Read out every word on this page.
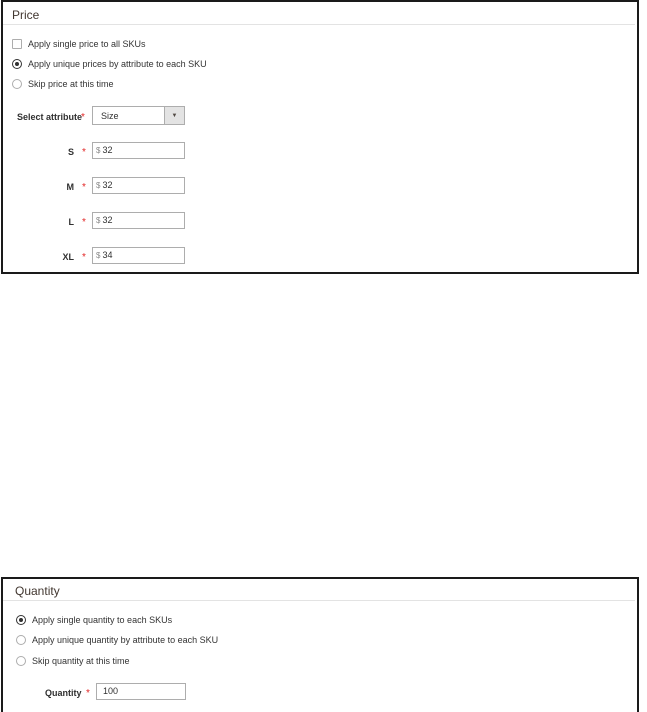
Price
Apply single price to all SKUs
Apply unique prices by attribute to each SKU
Skip price at this time
Select attribute
* Size	▼
S * $ 32
M * $ 32
L * $ 32
XL * $ 34
Quantity
Apply single quantity to each SKUs
Apply unique quantity by attribute to each SKU
Skip quantity at this time
Quantity * 100
